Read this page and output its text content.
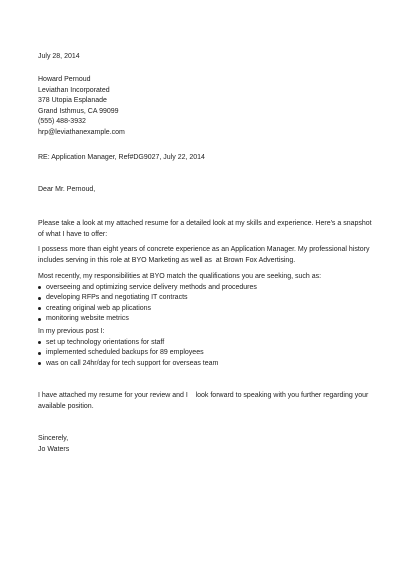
July 28, 2014
Howard Pernoud
Leviathan Incorporated
378 Utopia Esplanade
Grand Isthmus, CA 99099
(555) 488-3932
hrp@leviathanexample.com
RE: Application Manager, Ref#DG9027, July 22, 2014
Dear Mr. Pernoud,
Please take a look at my attached resume for a detailed look at my skills and experience. Here's a snapshot
of what I have to offer:
I possess more than eight years of concrete experience as an Application Manager. My professional history
includes serving in this role at BYO Marketing as well as  at Brown Fox Advertising.
Most recently, my responsibilities at BYO match the qualifications you are seeking, such as:
overseeing and optimizing service delivery methods and procedures
developing RFPs and negotiating IT contracts
creating original web ap plications
monitoring website metrics
In my previous post I:
set up technology orientations for staff
implemented scheduled backups for 89 employees
was on call 24hr/day for tech support for overseas team
I have attached my resume for your review and I    look forward to speaking with you further regarding your
available position.
Sincerely,
Jo Waters
